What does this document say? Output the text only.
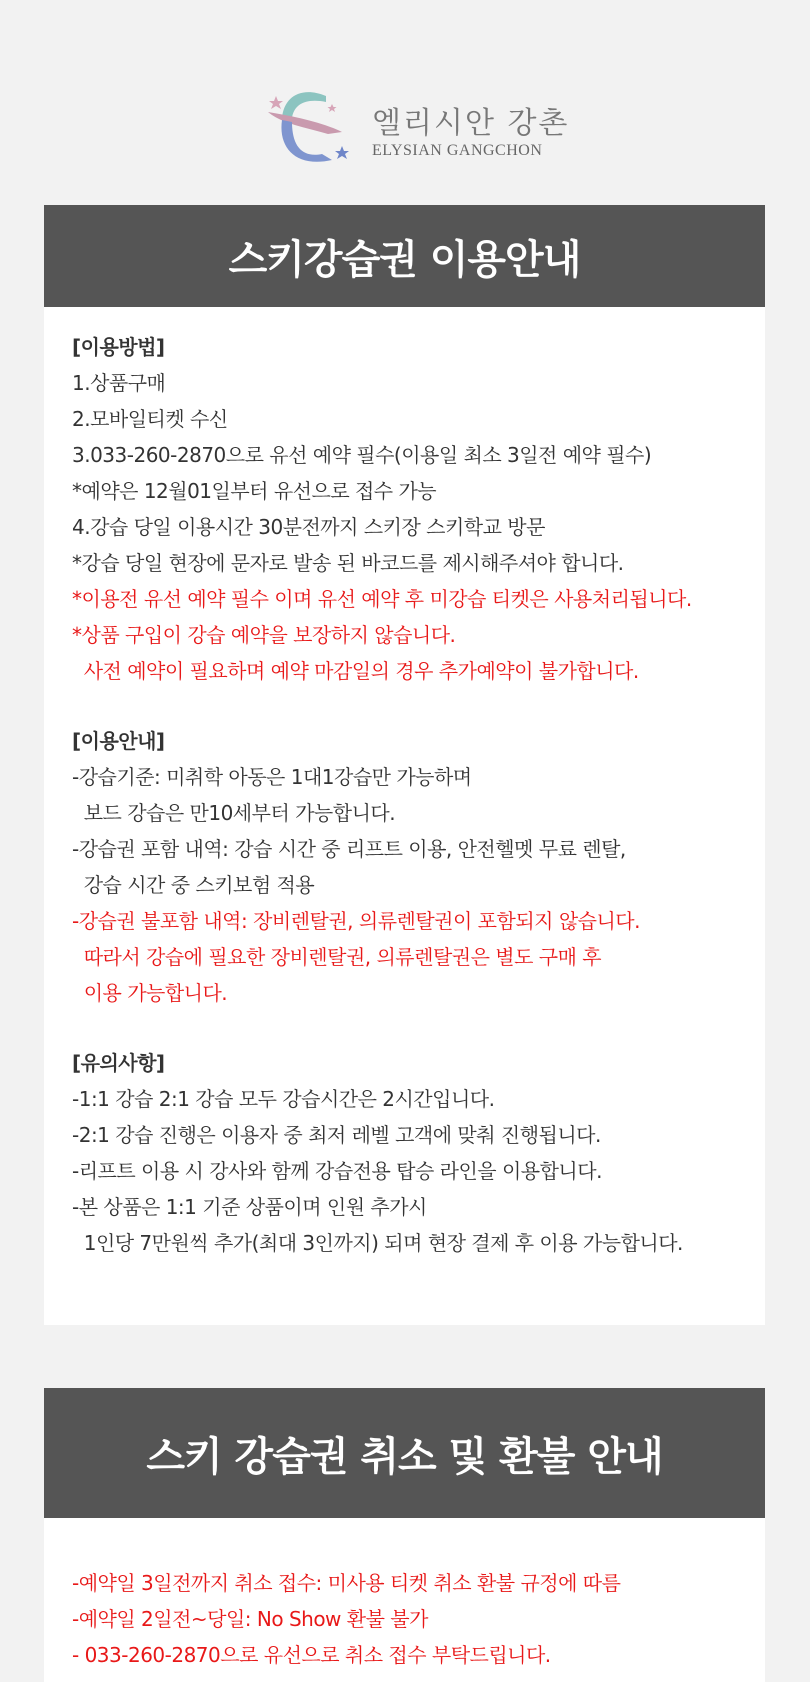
엘리시안 강촌
ELYSIAN GANGCHON
스키강습권 이용안내
[이용방법]
1.상품구매
2.모바일티켓 수신
3.033-260-2870으로 유선 예약 필수(이용일 최소 3일전 예약 필수)
*예약은 12월01일부터 유선으로 접수 가능
4.강습 당일 이용시간 30분전까지 스키장 스키학교 방문
*강습 당일 현장에 문자로 발송 된 바코드를 제시해주셔야 합니다.
*이용전 유선 예약 필수 이며 유선 예약 후 미강습 티켓은 사용처리됩니다.
*상품 구입이 강습 예약을 보장하지 않습니다.
사전 예약이 필요하며 예약 마감일의 경우 추가예약이 불가합니다.
[이용안내]
-강습기준: 미취학 아동은 1대1강습만 가능하며
보드 강습은 만10세부터 가능합니다.
-강습권 포함 내역: 강습 시간 중 리프트 이용, 안전헬멧 무료 렌탈,
강습 시간 중 스키보험 적용
-강습권 불포함 내역: 장비렌탈권, 의류렌탈권이 포함되지 않습니다.
따라서 강습에 필요한 장비렌탈권, 의류렌탈권은 별도 구매 후
이용 가능합니다.
[유의사항]
-1:1 강습 2:1 강습 모두 강습시간은 2시간입니다.
-2:1 강습 진행은 이용자 중 최저 레벨 고객에 맞춰 진행됩니다.
-리프트 이용 시 강사와 함께 강습전용 탑승 라인을 이용합니다.
-본 상품은 1:1 기준 상품이며 인원 추가시
1인당 7만원씩 추가(최대 3인까지) 되며 현장 결제 후 이용 가능합니다.
스키 강습권 취소 및 환불 안내
-예약일 3일전까지 취소 접수: 미사용 티켓 취소 환불 규정에 따름
-예약일 2일전~당일: No Show 환불 불가
- 033-260-2870으로 유선으로 취소 접수 부탁드립니다.
